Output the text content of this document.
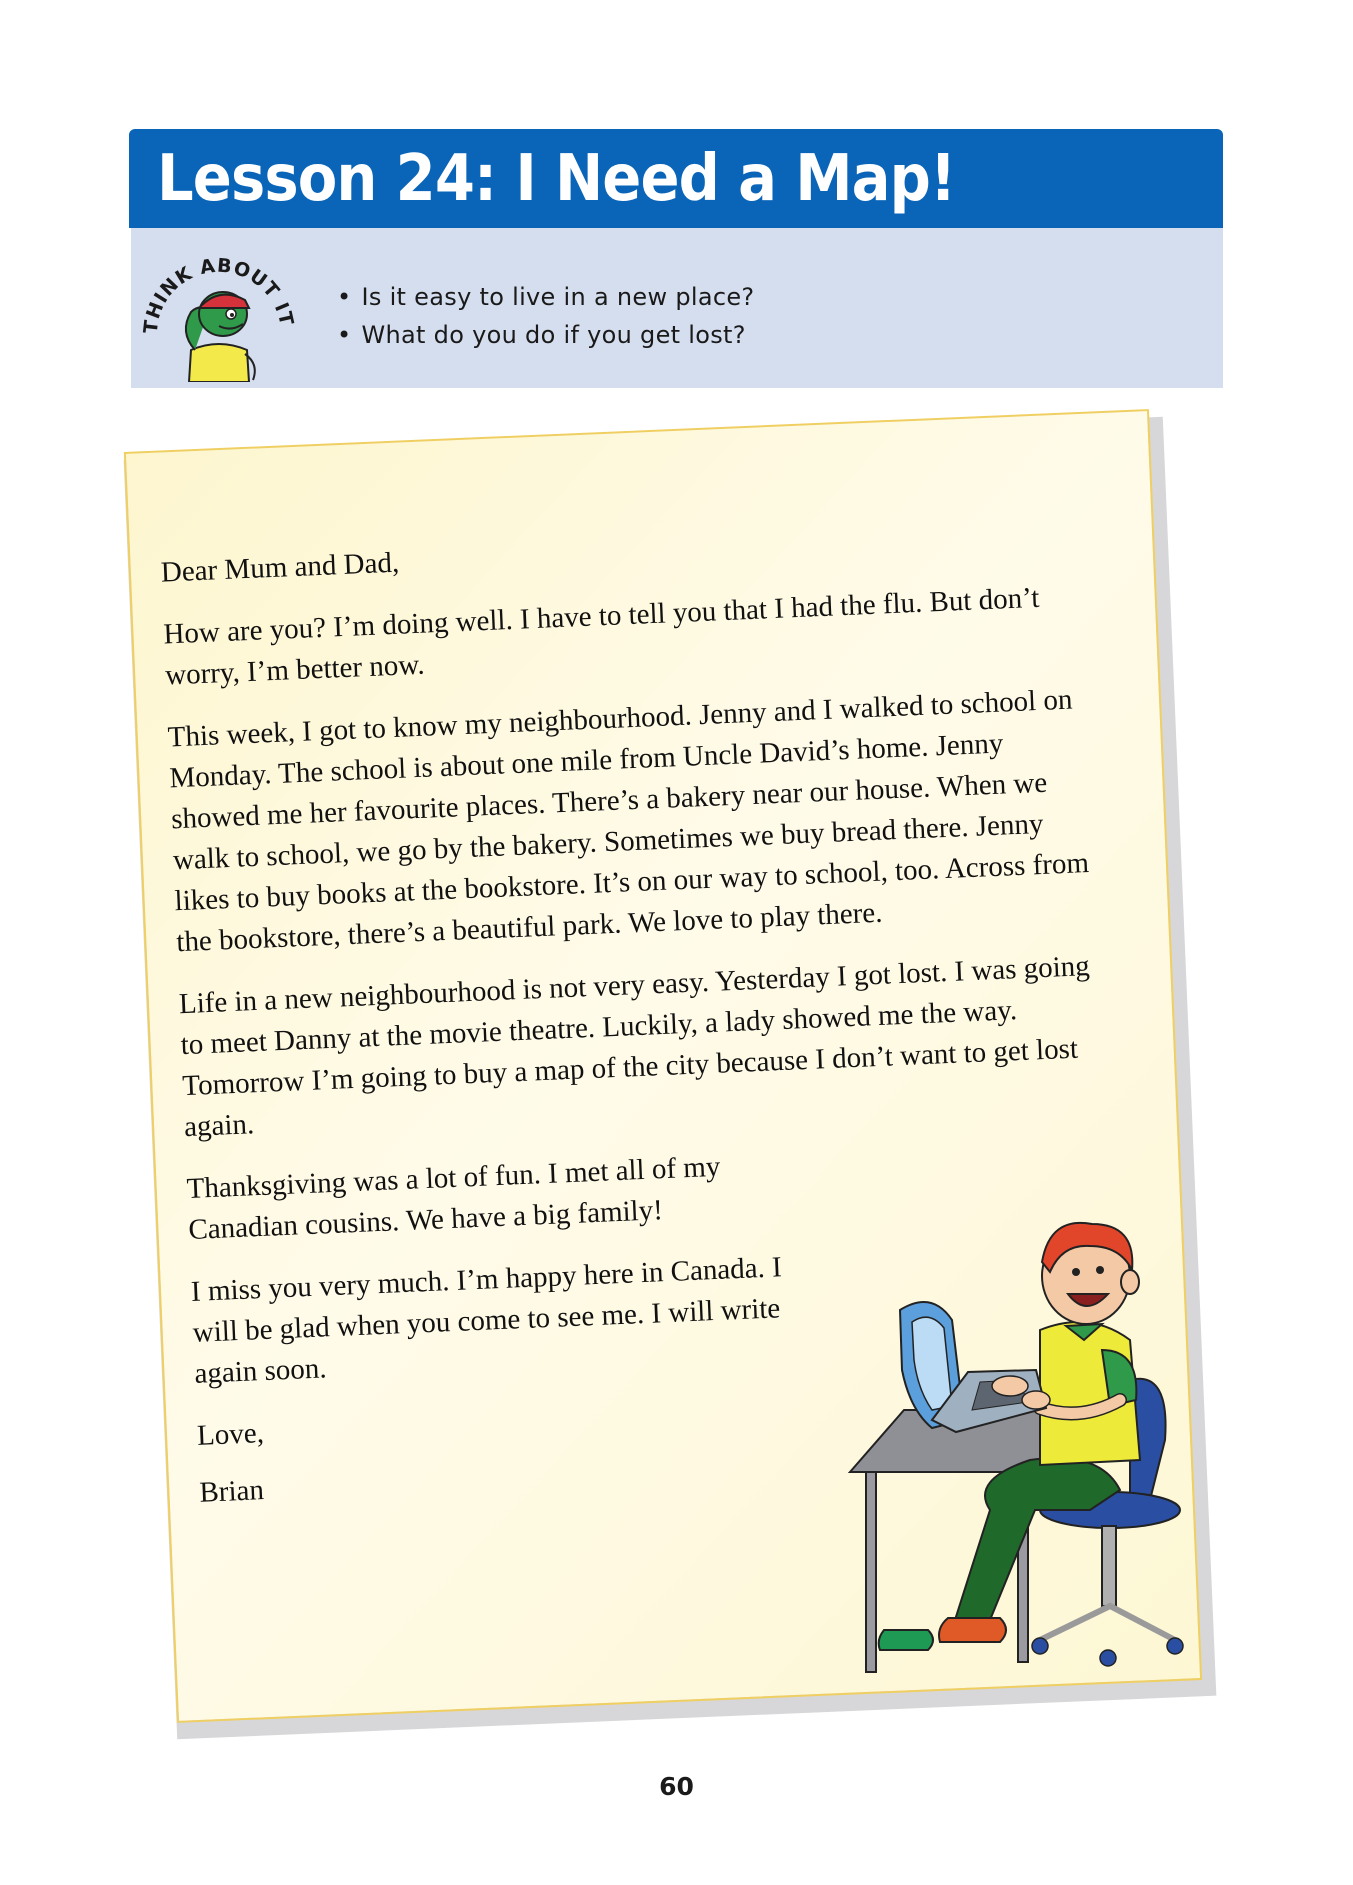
Lesson 24: I Need a Map!
THINK ABOUT IT
• Is it easy to live in a new place?
• What do you do if you get lost?

Dear Mum and Dad,

How are you? I’m doing well. I have to tell you that I had the flu. But don’t worry, I’m better now.

This week, I got to know my neighbourhood. Jenny and I walked to school on Monday. The school is about one mile from Uncle David’s home. Jenny showed me her favourite places. There’s a bakery near our house. When we walk to school, we go by the bakery. Sometimes we buy bread there. Jenny likes to buy books at the bookstore. It’s on our way to school, too. Across from the bookstore, there’s a beautiful park. We love to play there.

Life in a new neighbourhood is not very easy. Yesterday I got lost. I was going to meet Danny at the movie theatre. Luckily, a lady showed me the way. Tomorrow I’m going to buy a map of the city because I don’t want to get lost again.

Thanksgiving was a lot of fun. I met all of my Canadian cousins. We have a big family!

I miss you very much. I’m happy here in Canada. I will be glad when you come to see me. I will write again soon.

Love,

Brian

60
